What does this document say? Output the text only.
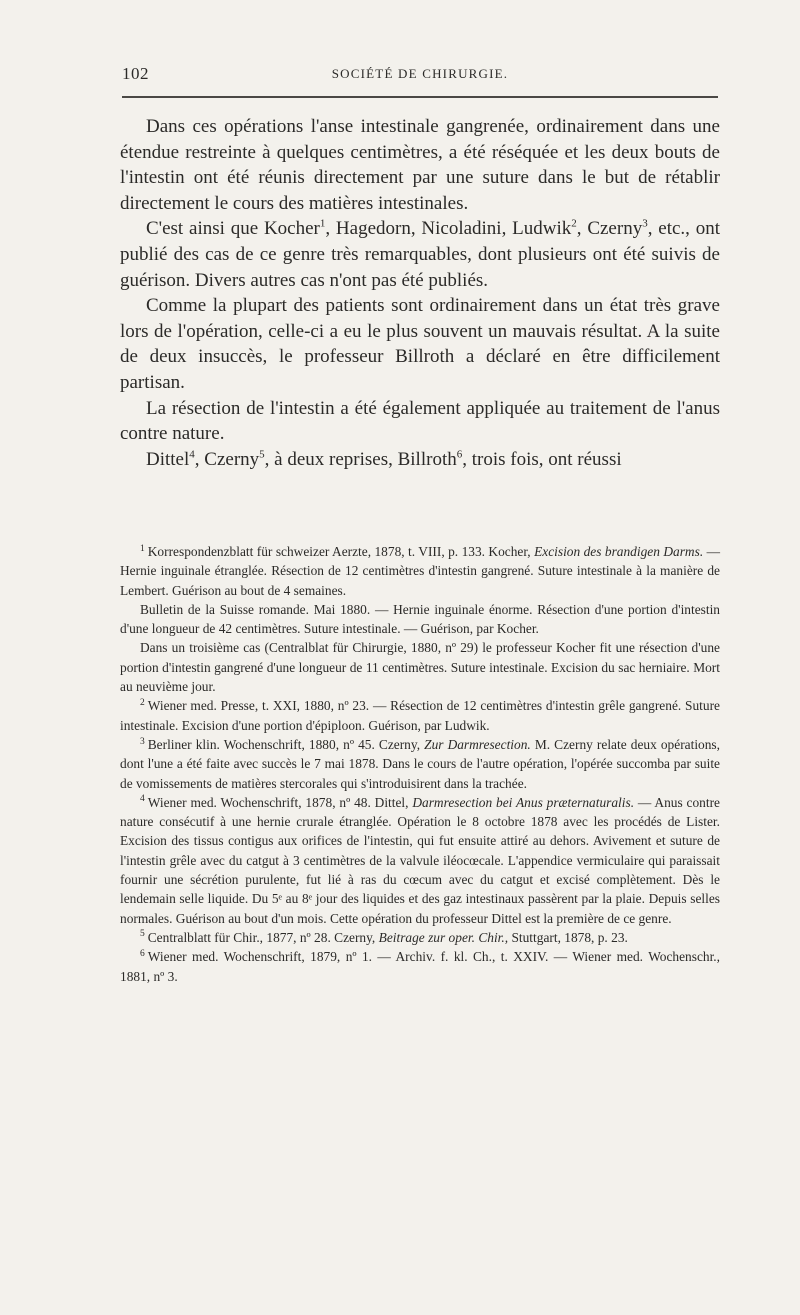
102	SOCIÉTÉ DE CHIRURGIE.

Dans ces opérations l'anse intestinale gangrenée, ordinairement dans une étendue restreinte à quelques centimètres, a été réséquée et les deux bouts de l'intestin ont été réunis directement par une suture dans le but de rétablir directement le cours des matières intestinales.

C'est ainsi que Kocher$^1$, Hagedorn, Nicoladini, Ludwik$^2$, Czerny$^3$, etc., ont publié des cas de ce genre très remarquables, dont plusieurs ont été suivis de guérison. Divers autres cas n'ont pas été publiés.

Comme la plupart des patients sont ordinairement dans un état très grave lors de l'opération, celle-ci a eu le plus souvent un mauvais résultat. A la suite de deux insuccès, le professeur Billroth a déclaré en être difficilement partisan.

La résection de l'intestin a été également appliquée au traitement de l'anus contre nature.

Dittel$^4$, Czerny$^5$, à deux reprises, Billroth$^6$, trois fois, ont réussi

$^1$ Korrespondenzblatt für schweizer Aerzte, 1878, t. VIII, p. 133. Kocher, Excision des brandigen Darms. — Hernie inguinale étranglée. Résection de 12 centimètres d'intestin gangrené. Suture intestinale à la manière de Lembert. Guérison au bout de 4 semaines.

Bulletin de la Suisse romande. Mai 1880. — Hernie inguinale énorme. Résection d'une portion d'intestin d'une longueur de 42 centimètres. Suture intestinale. — Guérison, par Kocher.

Dans un troisième cas (Centralblat für Chirurgie, 1880, nº 29) le professeur Kocher fit une résection d'une portion d'intestin gangrené d'une longueur de 11 centimètres. Suture intestinale. Excision du sac herniaire. Mort au neuvième jour.

$^2$ Wiener med. Presse, t. XXI, 1880, nº 23. — Résection de 12 centimètres d'intestin grêle gangrené. Suture intestinale. Excision d'une portion d'épiploon. Guérison, par Ludwik.

$^3$ Berliner klin. Wochenschrift, 1880, nº 45. Czerny, Zur Darmresection. M. Czerny relate deux opérations, dont l'une a été faite avec succès le 7 mai 1878. Dans le cours de l'autre opération, l'opérée succomba par suite de vomissements de matières stercorales qui s'introduisirent dans la trachée.

$^4$ Wiener med. Wochenschrift, 1878, nº 48. Dittel, Darmresection bei Anus præternaturalis. — Anus contre nature consécutif à une hernie crurale étranglée. Opération le 8 octobre 1878 avec les procédés de Lister. Excision des tissus contigus aux orifices de l'intestin, qui fut ensuite attiré au dehors. Avivement et suture de l'intestin grêle avec du catgut à 3 centimètres de la valvule iléocœcale. L'appendice vermiculaire qui paraissait fournir une sécrétion purulente, fut lié à ras du cœcum avec du catgut et excisé complètement. Dès le lendemain selle liquide. Du 5ᵉ au 8ᵉ jour des liquides et des gaz intestinaux passèrent par la plaie. Depuis selles normales. Guérison au bout d'un mois. Cette opération du professeur Dittel est la première de ce genre.

$^5$ Centralblatt für Chir., 1877, nº 28. Czerny, Beitrage zur oper. Chir., Stuttgart, 1878, p. 23.

$^6$ Wiener med. Wochenschrift, 1879, nº 1. — Archiv. f. kl. Ch., t. XXIV. — Wiener med. Wochenschr., 1881, nº 3.
